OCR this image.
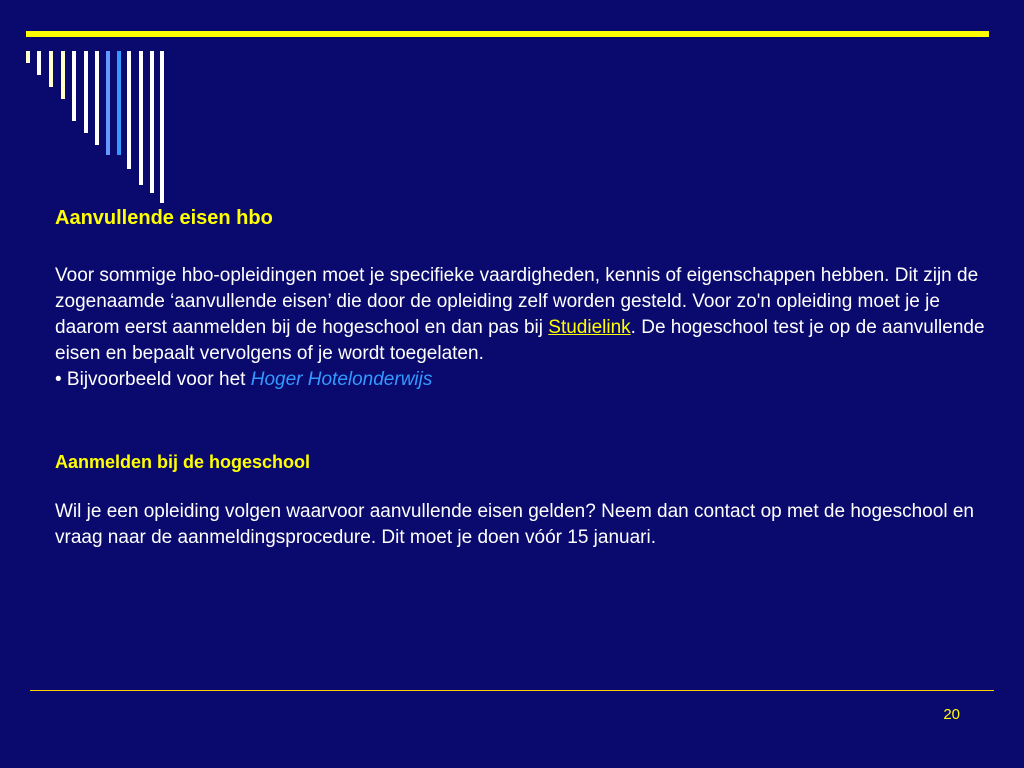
Aanvullende eisen hbo

Voor sommige hbo-opleidingen moet je specifieke vaardigheden, kennis of eigenschappen hebben. Dit zijn de zogenaamde ‘aanvullende eisen’ die door de opleiding zelf worden gesteld. Voor zo'n opleiding moet je je daarom eerst aanmelden bij de hogeschool en dan pas bij Studielink. De hogeschool test je op de aanvullende eisen en bepaalt vervolgens of je wordt toegelaten.

• Bijvoorbeeld voor het Hoger Hotelonderwijs

Aanmelden bij de hogeschool

Wil je een opleiding volgen waarvoor aanvullende eisen gelden? Neem dan contact op met de hogeschool en vraag naar de aanmeldingsprocedure. Dit moet je doen vóór 15 januari.

20
